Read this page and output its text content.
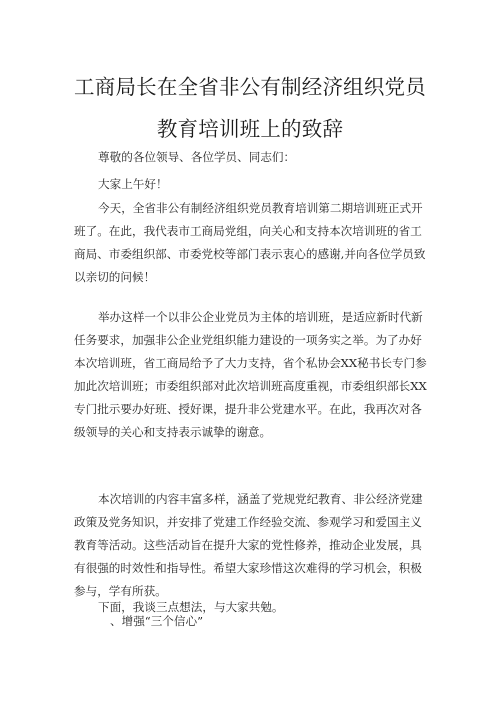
工商局长在全省非公有制经济组织党员
教育培训班上的致辞
尊敬的各位领导、各位学员、同志们：
大家上午好！
今天，全省非公有制经济组织党员教育培训第二期培训班正式开
班了。在此，我代表市工商局党组，向关心和支持本次培训班的省工
商局、市委组织部、市委党校等部门表示衷心的感谢,并向各位学员致
以亲切的问候！
举办这样一个以非公企业党员为主体的培训班，是适应新时代新
任务要求，加强非公企业党组织能力建设的一项务实之举。为了办好
本次培训班，省工商局给予了大力支持，省个私协会XX秘书长专门参
加此次培训班；市委组织部对此次培训班高度重视，市委组织部长XX
专门批示要办好班、授好课，提升非公党建水平。在此，我再次对各
级领导的关心和支持表示诚挚的谢意。
本次培训的内容丰富多样，涵盖了党规党纪教育、非公经济党建
政策及党务知识，并安排了党建工作经验交流、参观学习和爱国主义
教育等活动。这些活动旨在提升大家的党性修养，推动企业发展，具
有很强的时效性和指导性。希望大家珍惜这次难得的学习机会，积极
参与，学有所获。
下面，我谈三点想法，与大家共勉。
、增强“三个信心”
